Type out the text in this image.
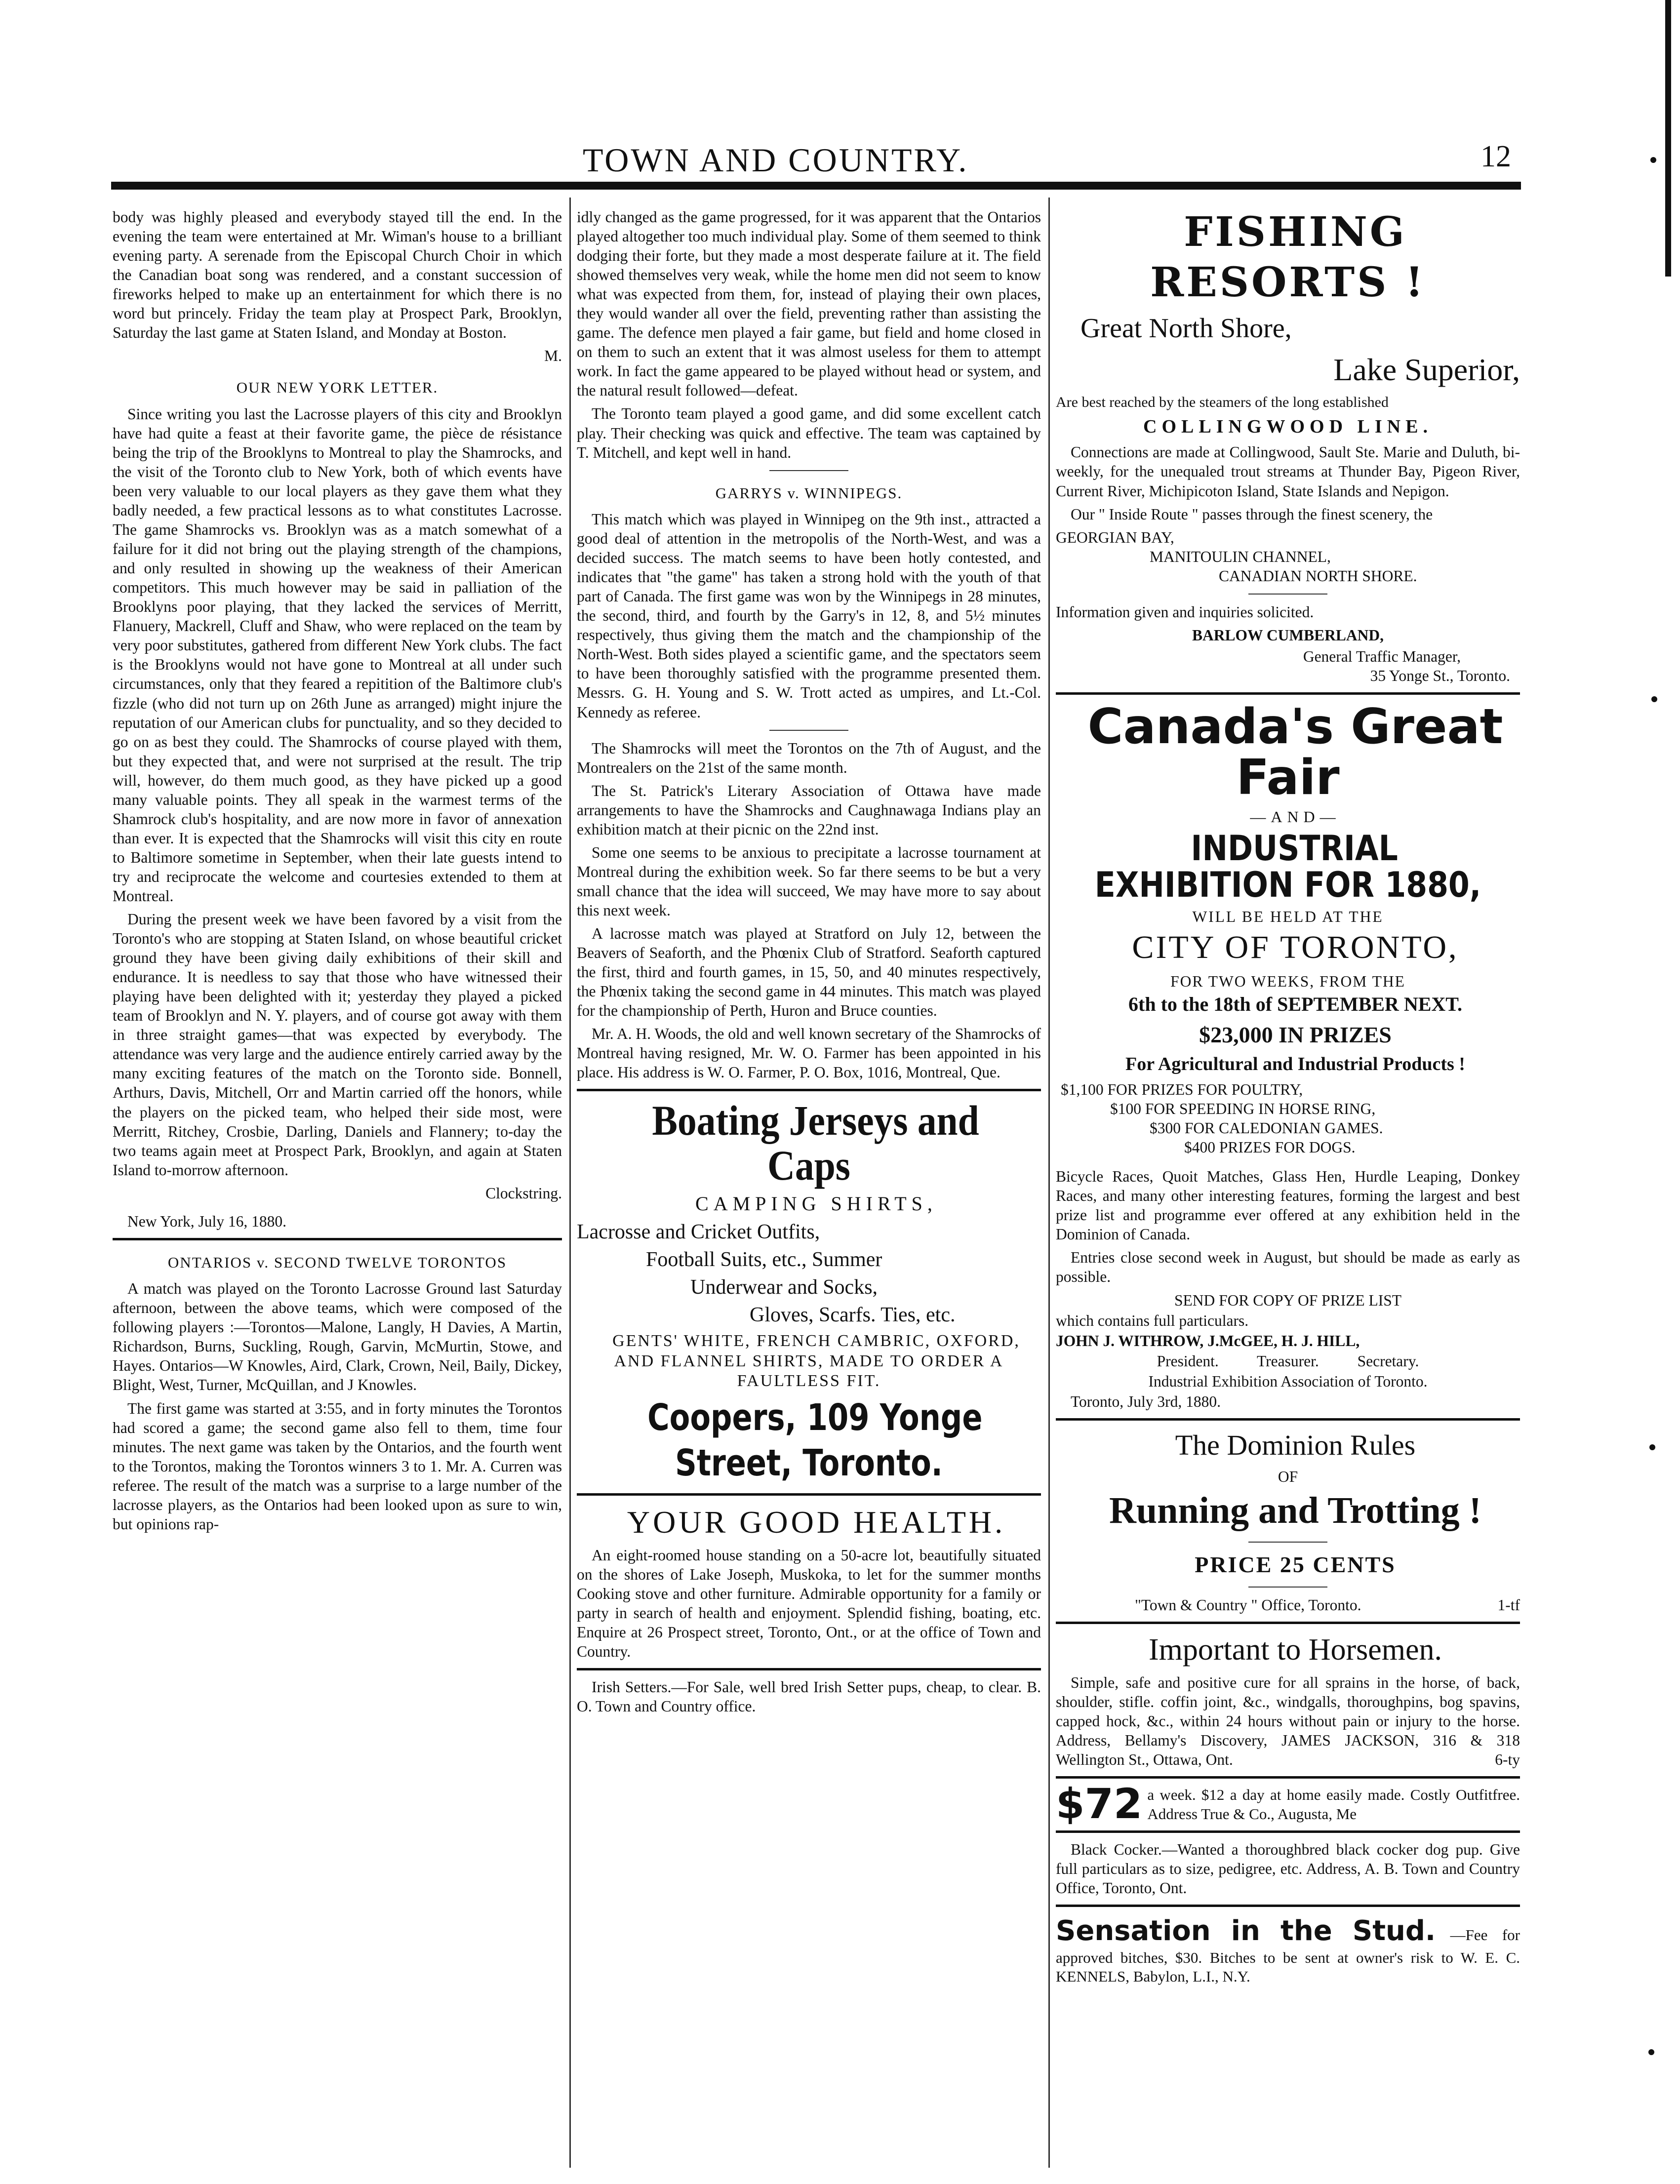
TOWN AND COUNTRY.	12

body was highly pleased and everybody stayed till the end. In the evening the team were entertained at Mr. Wiman's house to a brilliant evening party. A serenade from the Episcopal Church Choir in which the Canadian boat song was rendered, and a constant succession of fireworks helped to make up an entertainment for which there is no word but princely. Friday the team play at Prospect Park, Brooklyn, Saturday the last game at Staten Island, and Monday at Boston.

M.

OUR NEW YORK LETTER.

Since writing you last the Lacrosse players of this city and Brooklyn have had quite a feast at their favorite game, the pièce de résistance being the trip of the Brooklyns to Montreal to play the Shamrocks, and the visit of the Toronto club to New York, both of which events have been very valuable to our local players as they gave them what they badly needed, a few practical lessons as to what constitutes Lacrosse. The game Shamrocks vs. Brooklyn was as a match somewhat of a failure for it did not bring out the playing strength of the champions, and only resulted in showing up the weakness of their American competitors. This much however may be said in palliation of the Brooklyns poor playing, that they lacked the services of Merritt, Flanuery, Mackrell, Cluff and Shaw, who were replaced on the team by very poor substitutes, gathered from different New York clubs. The fact is the Brooklyns would not have gone to Montreal at all under such circumstances, only that they feared a repitition of the Baltimore club's fizzle (who did not turn up on 26th June as arranged) might injure the reputation of our American clubs for punctuality, and so they decided to go on as best they could. The Shamrocks of course played with them, but they expected that, and were not surprised at the result. The trip will, however, do them much good, as they have picked up a good many valuable points. They all speak in the warmest terms of the Shamrock club's hospitality, and are now more in favor of annexation than ever. It is expected that the Shamrocks will visit this city en route to Baltimore sometime in September, when their late guests intend to try and reciprocate the welcome and courtesies extended to them at Montreal.

During the present week we have been favored by a visit from the Toronto's who are stopping at Staten Island, on whose beautiful cricket ground they have been giving daily exhibitions of their skill and endurance. It is needless to say that those who have witnessed their playing have been delighted with it; yesterday they played a picked team of Brooklyn and N. Y. players, and of course got away with them in three straight games—that was expected by everybody. The attendance was very large and the audience entirely carried away by the many exciting features of the match on the Toronto side. Bonnell, Arthurs, Davis, Mitchell, Orr and Martin carried off the honors, while the players on the picked team, who helped their side most, were Merritt, Ritchey, Crosbie, Darling, Daniels and Flannery; to-day the two teams again meet at Prospect Park, Brooklyn, and again at Staten Island to-morrow afternoon.

Clockstring.

New York, July 16, 1880.

ONTARIOS v. SECOND TWELVE TORONTOS

A match was played on the Toronto Lacrosse Ground last Saturday afternoon, between the above teams, which were composed of the following players :—Torontos—Malone, Langly, H Davies, A Martin, Richardson, Burns, Suckling, Rough, Garvin, McMurtin, Stowe, and Hayes. Ontarios—W Knowles, Aird, Clark, Crown, Neil, Baily, Dickey, Blight, West, Turner, McQuillan, and J Knowles.

The first game was started at 3:55, and in forty minutes the Torontos had scored a game; the second game also fell to them, time four minutes. The next game was taken by the Ontarios, and the fourth went to the Torontos, making the Torontos winners 3 to 1. Mr. A. Curren was referee. The result of the match was a surprise to a large number of the lacrosse players, as the Ontarios had been looked upon as sure to win, but opinions rap-

idly changed as the game progressed, for it was apparent that the Ontarios played altogether too much individual play. Some of them seemed to think dodging their forte, but they made a most desperate failure at it. The field showed themselves very weak, while the home men did not seem to know what was expected from them, for, instead of playing their own places, they would wander all over the field, preventing rather than assisting the game. The defence men played a fair game, but field and home closed in on them to such an extent that it was almost useless for them to attempt work. In fact the game appeared to be played without head or system, and the natural result followed—defeat.

The Toronto team played a good game, and did some excellent catch play. Their checking was quick and effective. The team was captained by T. Mitchell, and kept well in hand.

GARRYS v. WINNIPEGS.

This match which was played in Winnipeg on the 9th inst., attracted a good deal of attention in the metropolis of the North-West, and was a decided success. The match seems to have been hotly contested, and indicates that "the game" has taken a strong hold with the youth of that part of Canada. The first game was won by the Winnipegs in 28 minutes, the second, third, and fourth by the Garry's in 12, 8, and 5½ minutes respectively, thus giving them the match and the championship of the North-West. Both sides played a scientific game, and the spectators seem to have been thoroughly satisfied with the programme presented them. Messrs. G. H. Young and S. W. Trott acted as umpires, and Lt.-Col. Kennedy as referee.

The Shamrocks will meet the Torontos on the 7th of August, and the Montrealers on the 21st of the same month.

The St. Patrick's Literary Association of Ottawa have made arrangements to have the Shamrocks and Caughnawaga Indians play an exhibition match at their picnic on the 22nd inst.

Some one seems to be anxious to precipitate a lacrosse tournament at Montreal during the exhibition week. So far there seems to be but a very small chance that the idea will succeed, We may have more to say about this next week.

A lacrosse match was played at Stratford on July 12, between the Beavers of Seaforth, and the Phœnix Club of Stratford. Seaforth captured the first, third and fourth games, in 15, 50, and 40 minutes respectively, the Phœnix taking the second game in 44 minutes. This match was played for the championship of Perth, Huron and Bruce counties.

Mr. A. H. Woods, the old and well known secretary of the Shamrocks of Montreal having resigned, Mr. W. O. Farmer has been appointed in his place. His address is W. O. Farmer, P. O. Box, 1016, Montreal, Que.

Boating Jerseys and Caps

CAMPING SHIRTS,

Lacrosse and Cricket Outfits,

Football Suits, etc., Summer

Underwear and Socks,

Gloves, Scarfs. Ties, etc.

GENTS' WHITE, FRENCH CAMBRIC, OXFORD, AND FLANNEL SHIRTS, MADE TO ORDER A FAULTLESS FIT.

Coopers, 109 Yonge Street, Toronto.

YOUR GOOD HEALTH.

An eight-roomed house standing on a 50-acre lot, beautifully situated on the shores of Lake Joseph, Muskoka, to let for the summer months Cooking stove and other furniture. Admirable opportunity for a family or party in search of health and enjoyment. Splendid fishing, boating, etc. Enquire at 26 Prospect street, Toronto, Ont., or at the office of Town and Country.

Irish Setters.—For Sale, well bred Irish Setter pups, cheap, to clear. B. O. Town and Country office.

FISHING RESORTS !

Great North Shore,

Lake Superior,

Are best reached by the steamers of the long established

COLLINGWOOD LINE.

Connections are made at Collingwood, Sault Ste. Marie and Duluth, bi-weekly, for the unequaled trout streams at Thunder Bay, Pigeon River, Current River, Michipicoton Island, State Islands and Nepigon.

Our " Inside Route " passes through the finest scenery, the

GEORGIAN BAY,

MANITOULIN CHANNEL,

CANADIAN NORTH SHORE.

Information given and inquiries solicited.

BARLOW CUMBERLAND,

General Traffic Manager,

35 Yonge St., Toronto.

Canada's Great Fair

—AND—

INDUSTRIAL EXHIBITION FOR 1880,

WILL BE HELD AT THE

CITY OF TORONTO,

FOR TWO WEEKS, FROM THE

6th to the 18th of SEPTEMBER NEXT.

$23,000 IN PRIZES

For Agricultural and Industrial Products !

$1,100 FOR PRIZES FOR POULTRY,

$100 FOR SPEEDING IN HORSE RING,

$300 FOR CALEDONIAN GAMES.

$400 PRIZES FOR DOGS.

Bicycle Races, Quoit Matches, Glass Hen, Hurdle Leaping, Donkey Races, and many other interesting features, forming the largest and best prize list and programme ever offered at any exhibition held in the Dominion of Canada.

Entries close second week in August, but should be made as early as possible.

SEND FOR COPY OF PRIZE LIST

which contains full particulars.

JOHN J. WITHROW, J.McGEE, H. J. HILL,

President. Treasurer. Secretary.

Industrial Exhibition Association of Toronto.

Toronto, July 3rd, 1880.

The Dominion Rules

OF

Running and Trotting !

PRICE 25 CENTS

"Town & Country " Office, Toronto.	1-tf

Important to Horsemen.

Simple, safe and positive cure for all sprains in the horse, of back, shoulder, stifle. coffin joint, &c., windgalls, thoroughpins, bog spavins, capped hock, &c., within 24 hours without pain or injury to the horse. Address, Bellamy's Discovery, JAMES JACKSON, 316 & 318 Wellington St., Ottawa, Ont.	6-ty

$72 a week. $12 a day at home easily made. Costly Outfitfree. Address True & Co., Augusta, Me

Black Cocker.—Wanted a thoroughbred black cocker dog pup. Give full particulars as to size, pedigree, etc. Address, A. B. Town and Country Office, Toronto, Ont.

Sensation in the Stud. —Fee for approved bitches, $30. Bitches to be sent at owner's risk to W. E. C. KENNELS, Babylon, L.I., N.Y.
